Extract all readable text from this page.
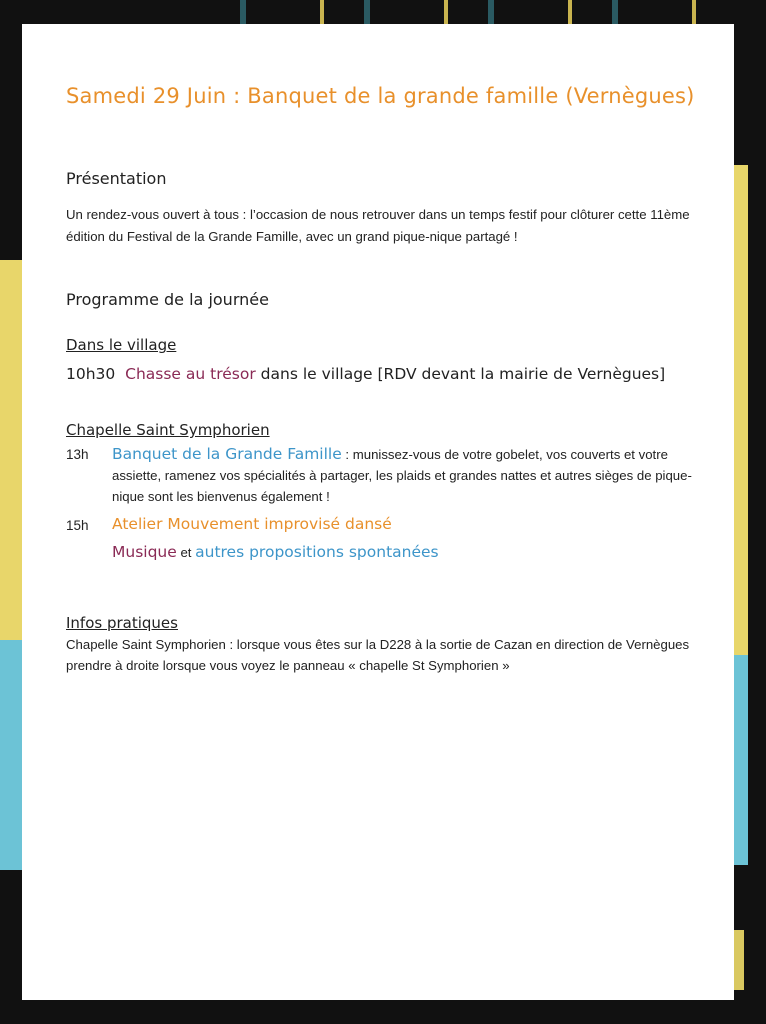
Samedi 29 Juin : Banquet de la grande famille (Vernègues)
Présentation
Un rendez-vous ouvert à tous : l’occasion de nous retrouver dans un temps festif pour clôturer cette 11ème édition du Festival de la Grande Famille, avec un grand pique-nique partagé !
Programme de la journée
Dans le village
10h30 Chasse au trésor dans le village [RDV devant la mairie de Vernègues]
Chapelle Saint Symphorien
13h Banquet de la Grande Famille : munissez-vous de votre gobelet, vos couverts et votre assiette, ramenez vos spécialités à partager, les plaids et grandes nattes et autres sièges de pique-nique sont les bienvenus également !
15h Atelier Mouvement improvisé dansé
Musique et autres propositions spontanées
Infos pratiques
Chapelle Saint Symphorien : lorsque vous êtes sur la D228 à la sortie de Cazan en direction de Vernègues prendre à droite lorsque vous voyez le panneau « chapelle St Symphorien »
